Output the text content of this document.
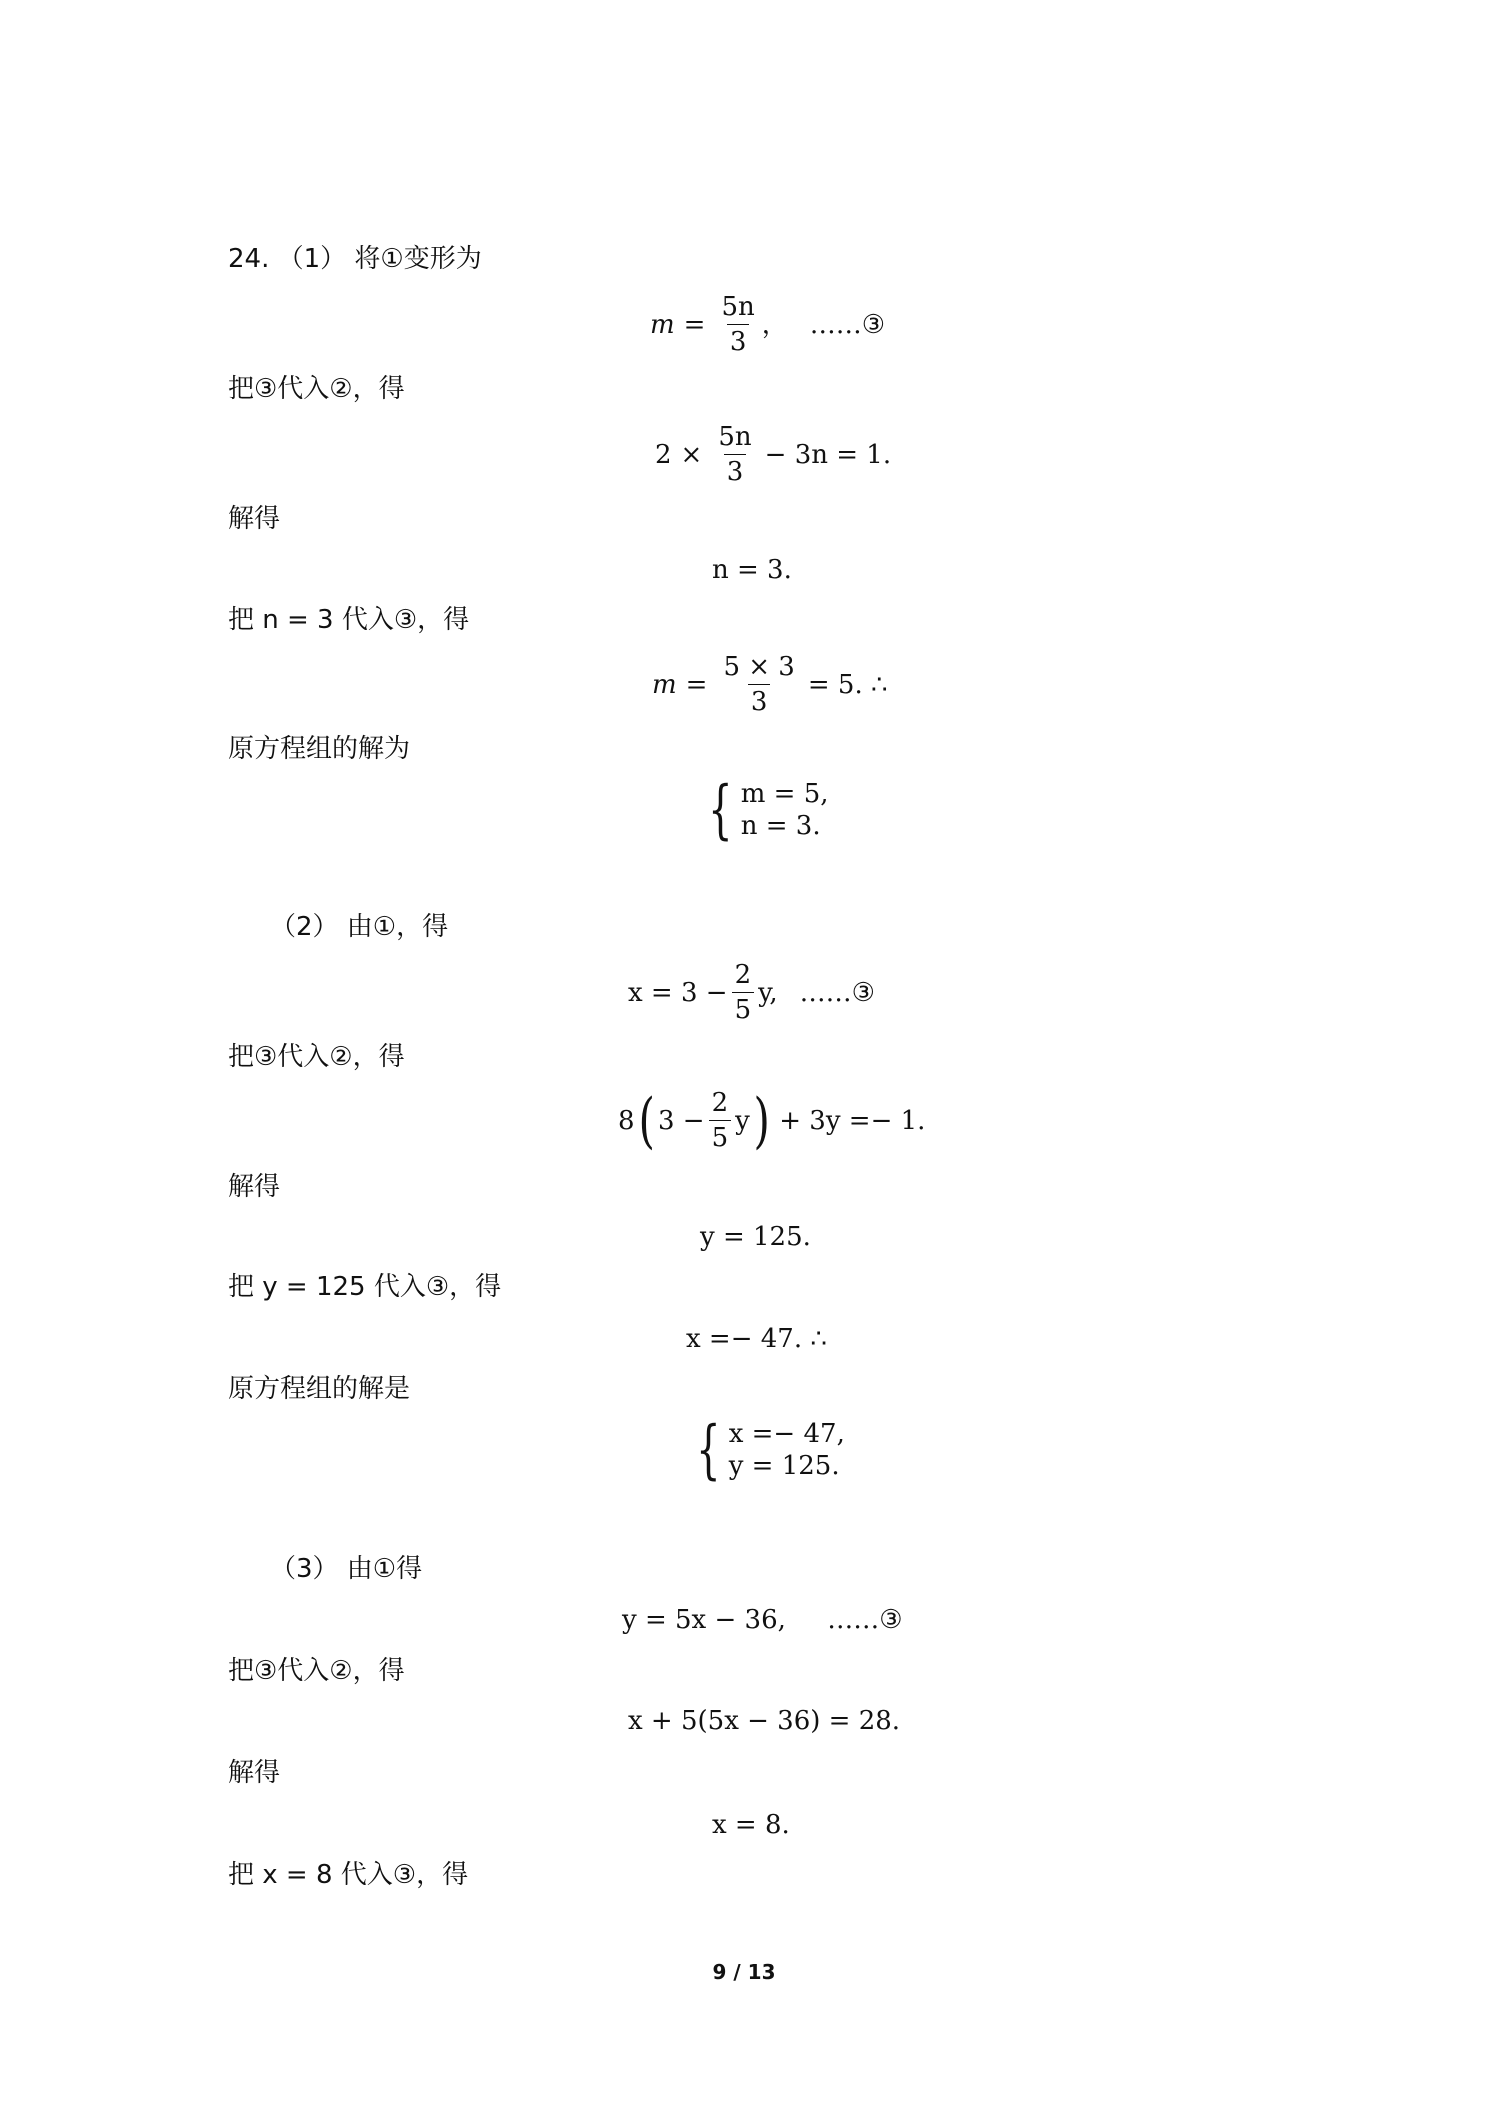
24. （1） 将①变形为
$m = \frac{5n}{3}$ ， ……③
把③代入②，得
$2 \times \frac{5n}{3} - 3n = 1$.
解得
n = 3.
把 n = 3 代入③，得
$m = \frac{5 \times 3}{3} = 5$. ∴
原方程组的解为
{ m = 5,
n = 3.
（2） 由①，得
$x = 3 - \frac{2}{5} y$, ……③
把③代入②，得
8 ( $3 - \frac{2}{5}$ y ) + 3y =− 1.
解得
y = 125.
把 y = 125 代入③，得
x =− 47. ∴
原方程组的解是
{ x =− 47,
y = 125.
（3） 由①得
y = 5x − 36,     ……③
把③代入②，得
x + 5(5x − 36) = 28.
解得
x = 8.
把 x = 8 代入③，得
9 / 13
